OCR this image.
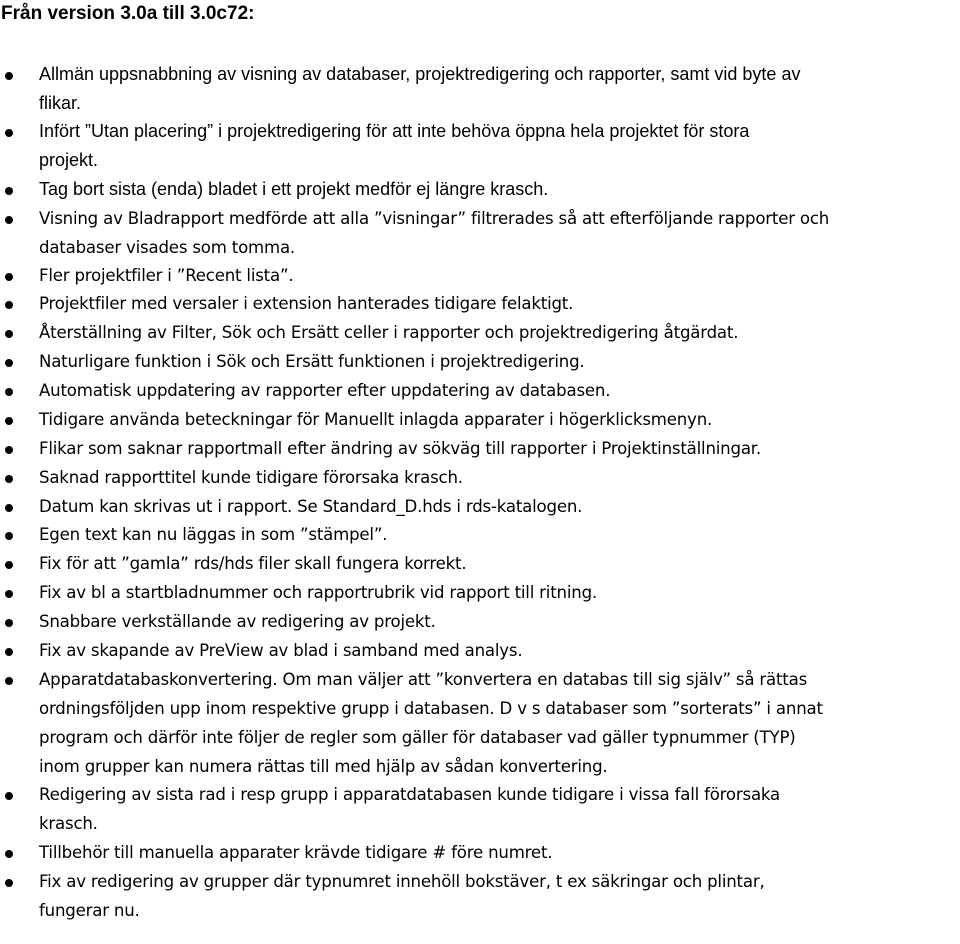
Från version 3.0a till 3.0c72:

Allmän uppsnabbning av visning av databaser, projektredigering och rapporter, samt vid byte av
flikar.

Infört ”Utan placering” i projektredigering för att inte behöva öppna hela projektet för stora
projekt.

Tag bort sista (enda) bladet i ett projekt medför ej längre krasch.

Visning av Bladrapport medförde att alla ”visningar” filtrerades så att efterföljande rapporter och
databaser visades som tomma.

Fler projektfiler i ”Recent lista”.

Projektfiler med versaler i extension hanterades tidigare felaktigt.

Återställning av Filter, Sök och Ersätt celler i rapporter och projektredigering åtgärdat.

Naturligare funktion i Sök och Ersätt funktionen i projektredigering.

Automatisk uppdatering av rapporter efter uppdatering av databasen.

Tidigare använda beteckningar för Manuellt inlagda apparater i högerklicksmenyn.

Flikar som saknar rapportmall efter ändring av sökväg till rapporter i Projektinställningar.

Saknad rapporttitel kunde tidigare förorsaka krasch.

Datum kan skrivas ut i rapport. Se Standard_D.hds i rds-katalogen.

Egen text kan nu läggas in som ”stämpel”.

Fix för att ”gamla” rds/hds filer skall fungera korrekt.

Fix av bl a startbladnummer och rapportrubrik vid rapport till ritning.

Snabbare verkställande av redigering av projekt.

Fix av skapande av PreView av blad i samband med analys.

Apparatdatabaskonvertering. Om man väljer att ”konvertera en databas till sig själv” så rättas
ordningsföljden upp inom respektive grupp i databasen. D v s databaser som ”sorterats” i annat
program och därför inte följer de regler som gäller för databaser vad gäller typnummer (TYP)
inom grupper kan numera rättas till med hjälp av sådan konvertering.

Redigering av sista rad i resp grupp i apparatdatabasen kunde tidigare i vissa fall förorsaka
krasch.

Tillbehör till manuella apparater krävde tidigare # före numret.

Fix av redigering av grupper där typnumret innehöll bokstäver, t ex säkringar och plintar,
fungerar nu.
